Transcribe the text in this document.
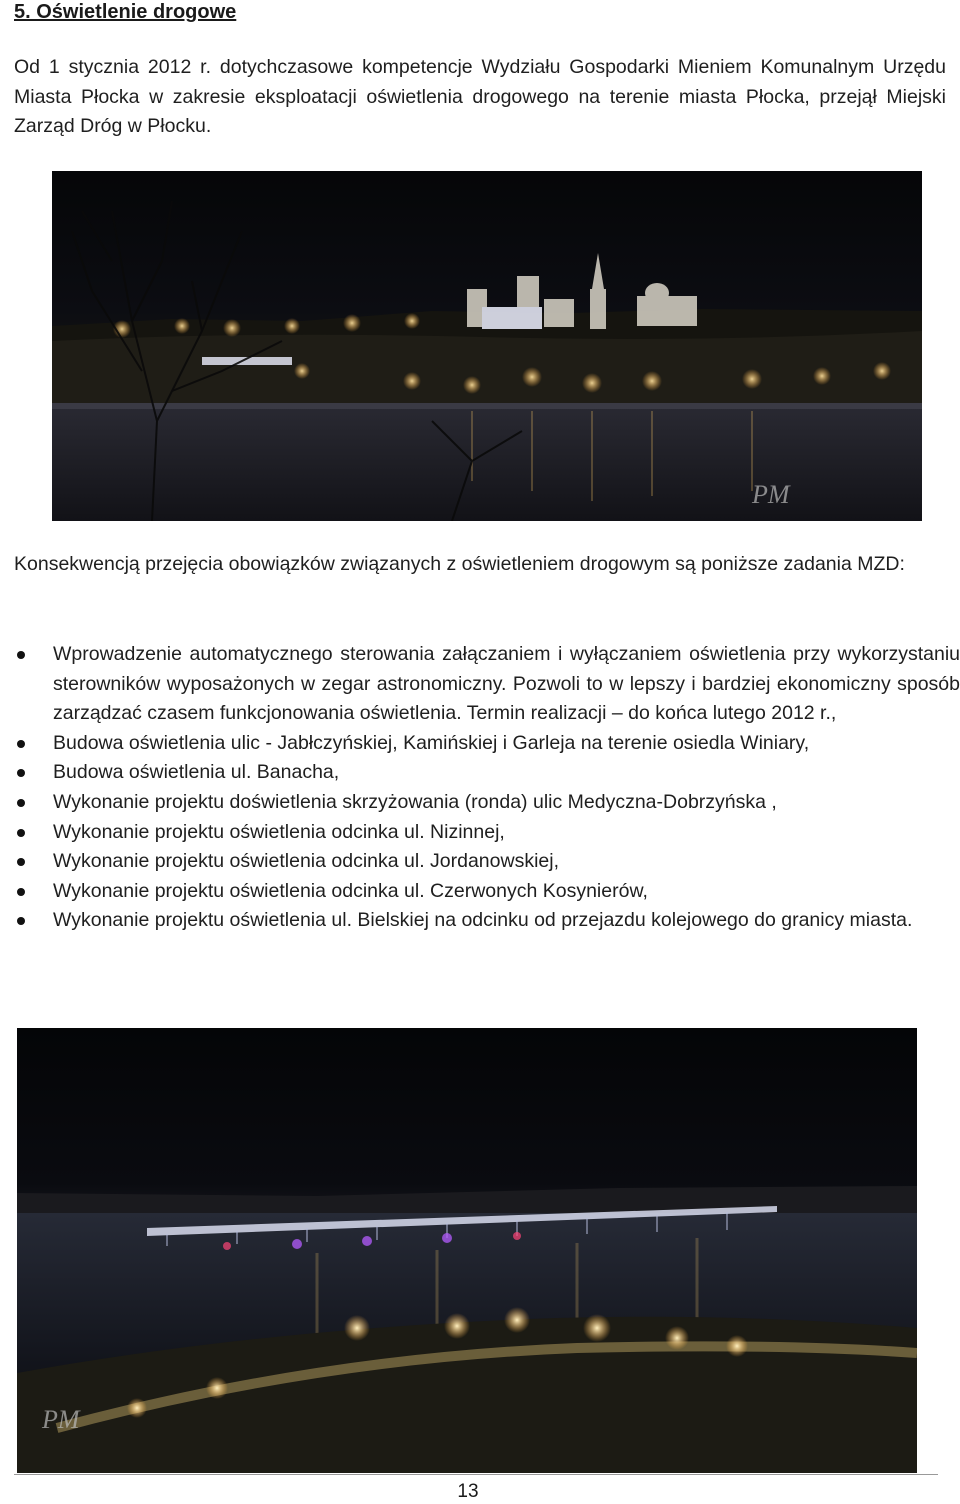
5. Oświetlenie drogowe
Od 1 stycznia 2012 r. dotychczasowe kompetencje Wydziału Gospodarki Mieniem Komunalnym Urzędu Miasta Płocka w zakresie eksploatacji oświetlenia drogowego na terenie miasta Płocka, przejął Miejski Zarząd Dróg w Płocku.
PM
Konsekwencją przejęcia obowiązków związanych z oświetleniem drogowym są poniższe zadania MZD:
Wprowadzenie automatycznego sterowania załączaniem i wyłączaniem oświetlenia przy wykorzystaniu sterowników wyposażonych w zegar astronomiczny. Pozwoli to w lepszy i bardziej ekonomiczny sposób zarządzać czasem funkcjonowania oświetlenia. Termin realizacji – do końca lutego 2012 r.,
Budowa oświetlenia ulic - Jabłczyńskiej, Kamińskiej i Garleja na terenie osiedla Winiary,
Budowa oświetlenia ul. Banacha,
Wykonanie projektu doświetlenia skrzyżowania (ronda) ulic Medyczna-Dobrzyńska ,
Wykonanie projektu oświetlenia odcinka ul. Nizinnej,
Wykonanie projektu oświetlenia odcinka ul. Jordanowskiej,
Wykonanie projektu oświetlenia odcinka ul. Czerwonych Kosynierów,
Wykonanie projektu oświetlenia ul. Bielskiej na odcinku od przejazdu kolejowego do granicy miasta.
PM
13
